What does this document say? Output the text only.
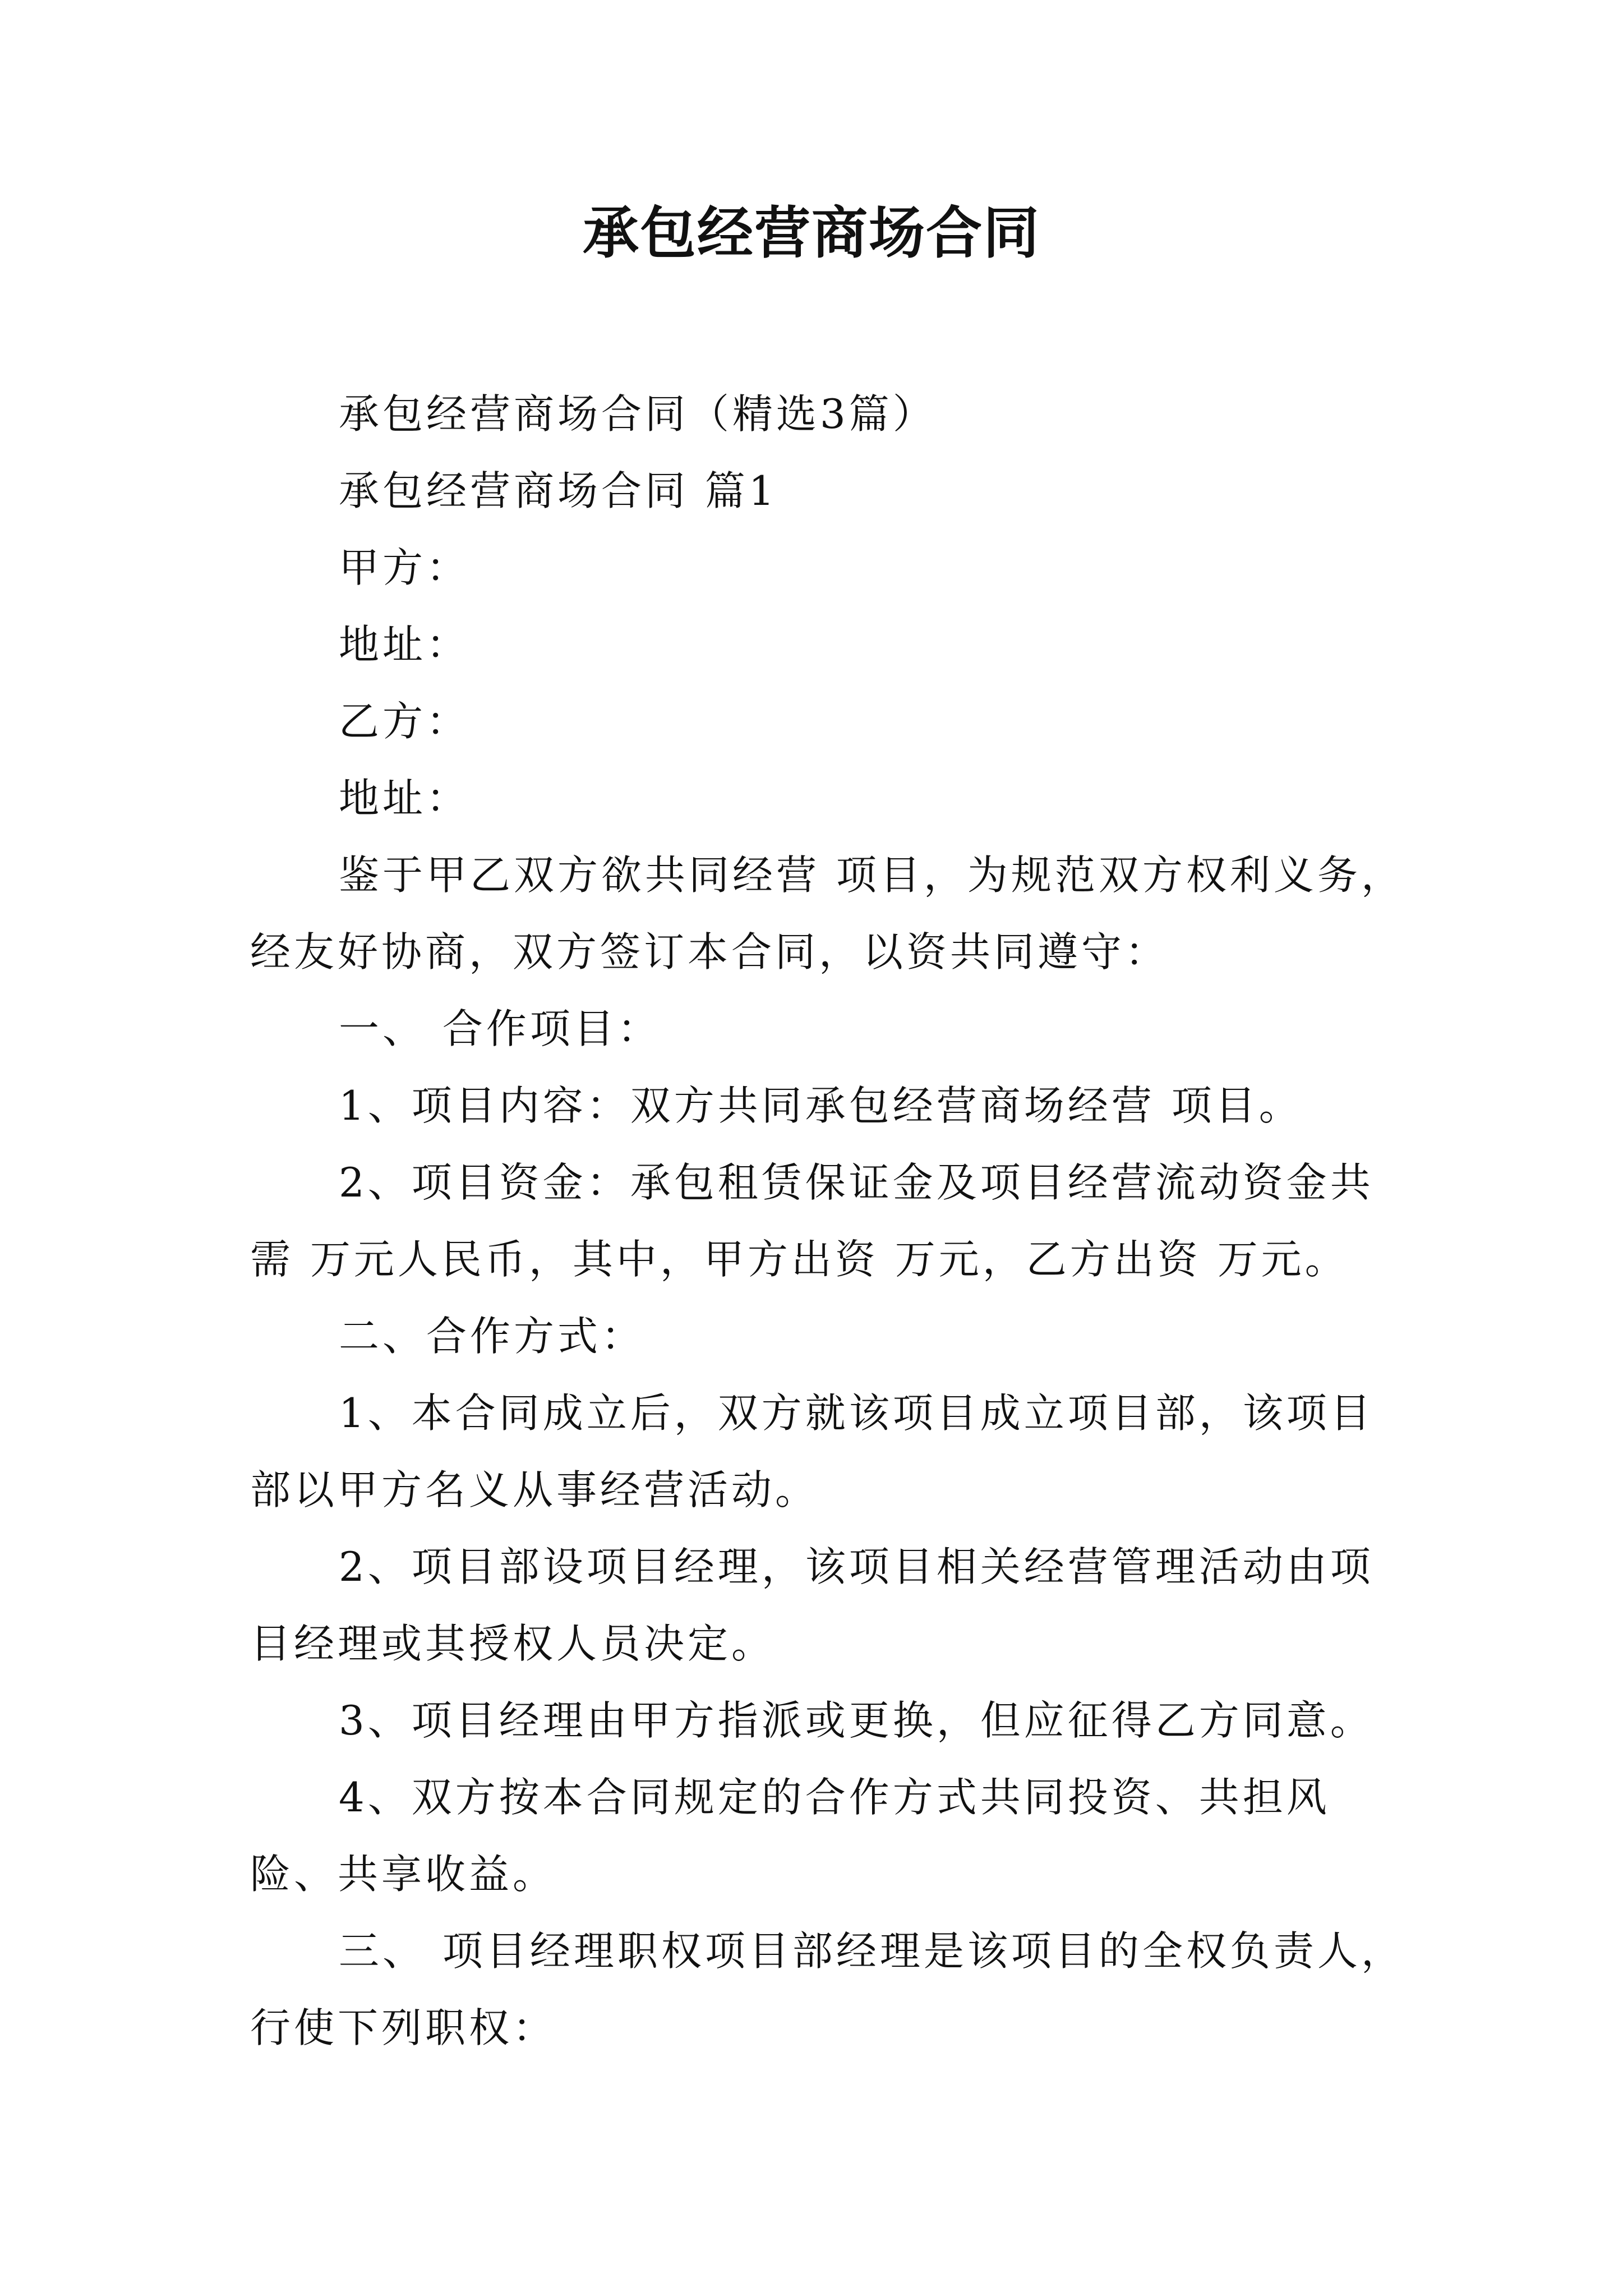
承包经营商场合同

承包经营商场合同（精选3篇）

承包经营商场合同 篇1

甲方：

地址：

乙方：

地址：

鉴于甲乙双方欲共同经营 项目，为规范双方权利义务，经友好协商，双方签订本合同，以资共同遵守：

一、 合作项目：

1、项目内容：双方共同承包经营商场经营 项目。

2、项目资金：承包租赁保证金及项目经营流动资金共需 万元人民币，其中，甲方出资 万元，乙方出资 万元。

二、合作方式：

1、本合同成立后，双方就该项目成立项目部，该项目部以甲方名义从事经营活动。

2、项目部设项目经理，该项目相关经营管理活动由项目经理或其授权人员决定。

3、项目经理由甲方指派或更换，但应征得乙方同意。

4、双方按本合同规定的合作方式共同投资、共担风险、共享收益。

三、 项目经理职权项目部经理是该项目的全权负责人，行使下列职权：
